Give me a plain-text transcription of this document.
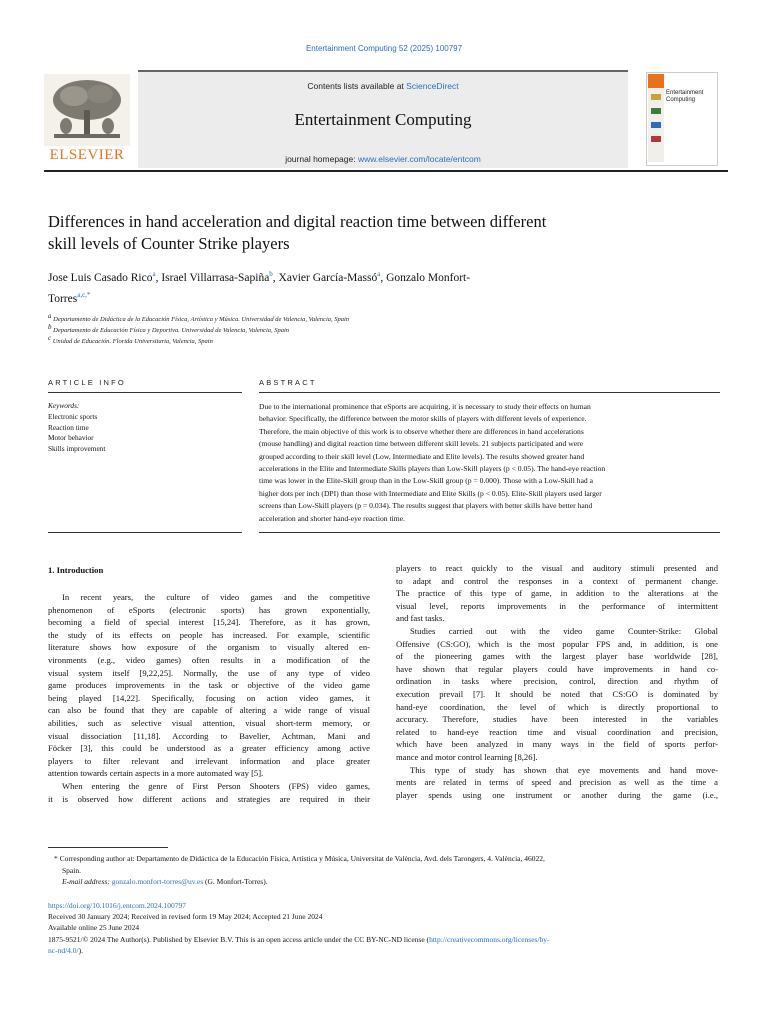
Entertainment Computing 52 (2025) 100797
ELSEVIER
Contents lists available at ScienceDirect
Entertainment Computing
journal homepage: www.elsevier.com/locate/entcom
Entertainment
Computing
Differences in hand acceleration and digital reaction time between different
skill levels of Counter Strike players
Jose Luis Casado Rico$^a$, Israel Villarrasa-Sapiña$^b$, Xavier García-Massó$^a$, Gonzalo Monfort-
Torres$^{a,c,*}$
$^a$ Departamento de Didáctica de la Educación Física, Artística y Música. Universidad de Valencia, Valencia, Spain
$^b$ Departamento de Educación Física y Deportiva. Universidad de Valencia, Valencia, Spain
$^c$ Unidad de Educación. Florida Universitaria, Valencia, Spain
ARTICLE INFO	ABSTRACT
Keywords:
Electronic sports
Reaction time
Motor behavior
Skills improvement
Due to the international prominence that eSports are acquiring, it is necessary to study their effects on human
behavior. Specifically, the difference between the motor skills of players with different levels of experience.
Therefore, the main objective of this work is to observe whether there are differences in hand accelerations
(mouse handling) and digital reaction time between different skill levels. 21 subjects participated and were
grouped according to their skill level (Low, Intermediate and Elite levels). The results showed greater hand
accelerations in the Elite and Intermediate Skills players than Low-Skill players (p < 0.05). The hand-eye reaction
time was lower in the Elite-Skill group than in the Low-Skill group (p = 0.000). Those with a Low-Skill had a
higher dots per inch (DPI) than those with Intermediate and Elite Skills (p < 0.05). Elite-Skill players used larger
screens than Low-Skill players (p = 0.034). The results suggest that players with better skills have better hand
acceleration and shorter hand-eye reaction time.
1. Introduction
In recent years, the culture of video games and the competitive
phenomenon of eSports (electronic sports) has grown exponentially,
becoming a field of special interest [15,24]. Therefore, as it has grown,
the study of its effects on people has increased. For example, scientific
literature shows how exposure of the organism to visually altered en-
vironments (e.g., video games) often results in a modification of the
visual system itself [9,22,25]. Normally, the use of any type of video
game produces improvements in the task or objective of the video game
being played [14,22]. Specifically, focusing on action video games, it
can also be found that they are capable of altering a wide range of visual
abilities, such as selective visual attention, visual short-term memory, or
visual dissociation [11,18]. According to Bavelier, Achtman, Mani and
Föcker [3], this could be understood as a greater efficiency among active
players to filter relevant and irrelevant information and place greater
attention towards certain aspects in a more automated way [5].
When entering the genre of First Person Shooters (FPS) video games,
it is observed how different actions and strategies are required in their
players to react quickly to the visual and auditory stimuli presented and
to adapt and control the responses in a context of permanent change.
The practice of this type of game, in addition to the alterations at the
visual level, reports improvements in the performance of intermittent
and fast tasks.
Studies carried out with the video game Counter-Strike: Global
Offensive (CS:GO), which is the most popular FPS and, in addition, is one
of the pioneering games with the largest player base worldwide [28],
have shown that regular players could have improvements in hand co-
ordination in tasks where precision, control, direction and rhythm of
execution prevail [7]. It should be noted that CS:GO is dominated by
hand-eye coordination, the level of which is directly proportional to
accuracy. Therefore, studies have been interested in the variables
related to hand-eye reaction time and visual coordination and precision,
which have been analyzed in many ways in the field of sports perfor-
mance and motor control learning [8,26].
This type of study has shown that eye movements and hand move-
ments are related in terms of speed and precision as well as the time a
player spends using one instrument or another during the game (i.e.,
* Corresponding author at: Departamento de Didáctica de la Educación Física, Artística y Música, Universitat de València, Avd. dels Tarongers, 4. València, 46022,
Spain.
E-mail address: gonzalo.monfort-torres@uv.es (G. Monfort-Torres).
https://doi.org/10.1016/j.entcom.2024.100797
Received 30 January 2024; Received in revised form 19 May 2024; Accepted 21 June 2024
Available online 25 June 2024
1875-9521/© 2024 The Author(s). Published by Elsevier B.V. This is an open access article under the CC BY-NC-ND license (http://creativecommons.org/licenses/by-
nc-nd/4.0/).
